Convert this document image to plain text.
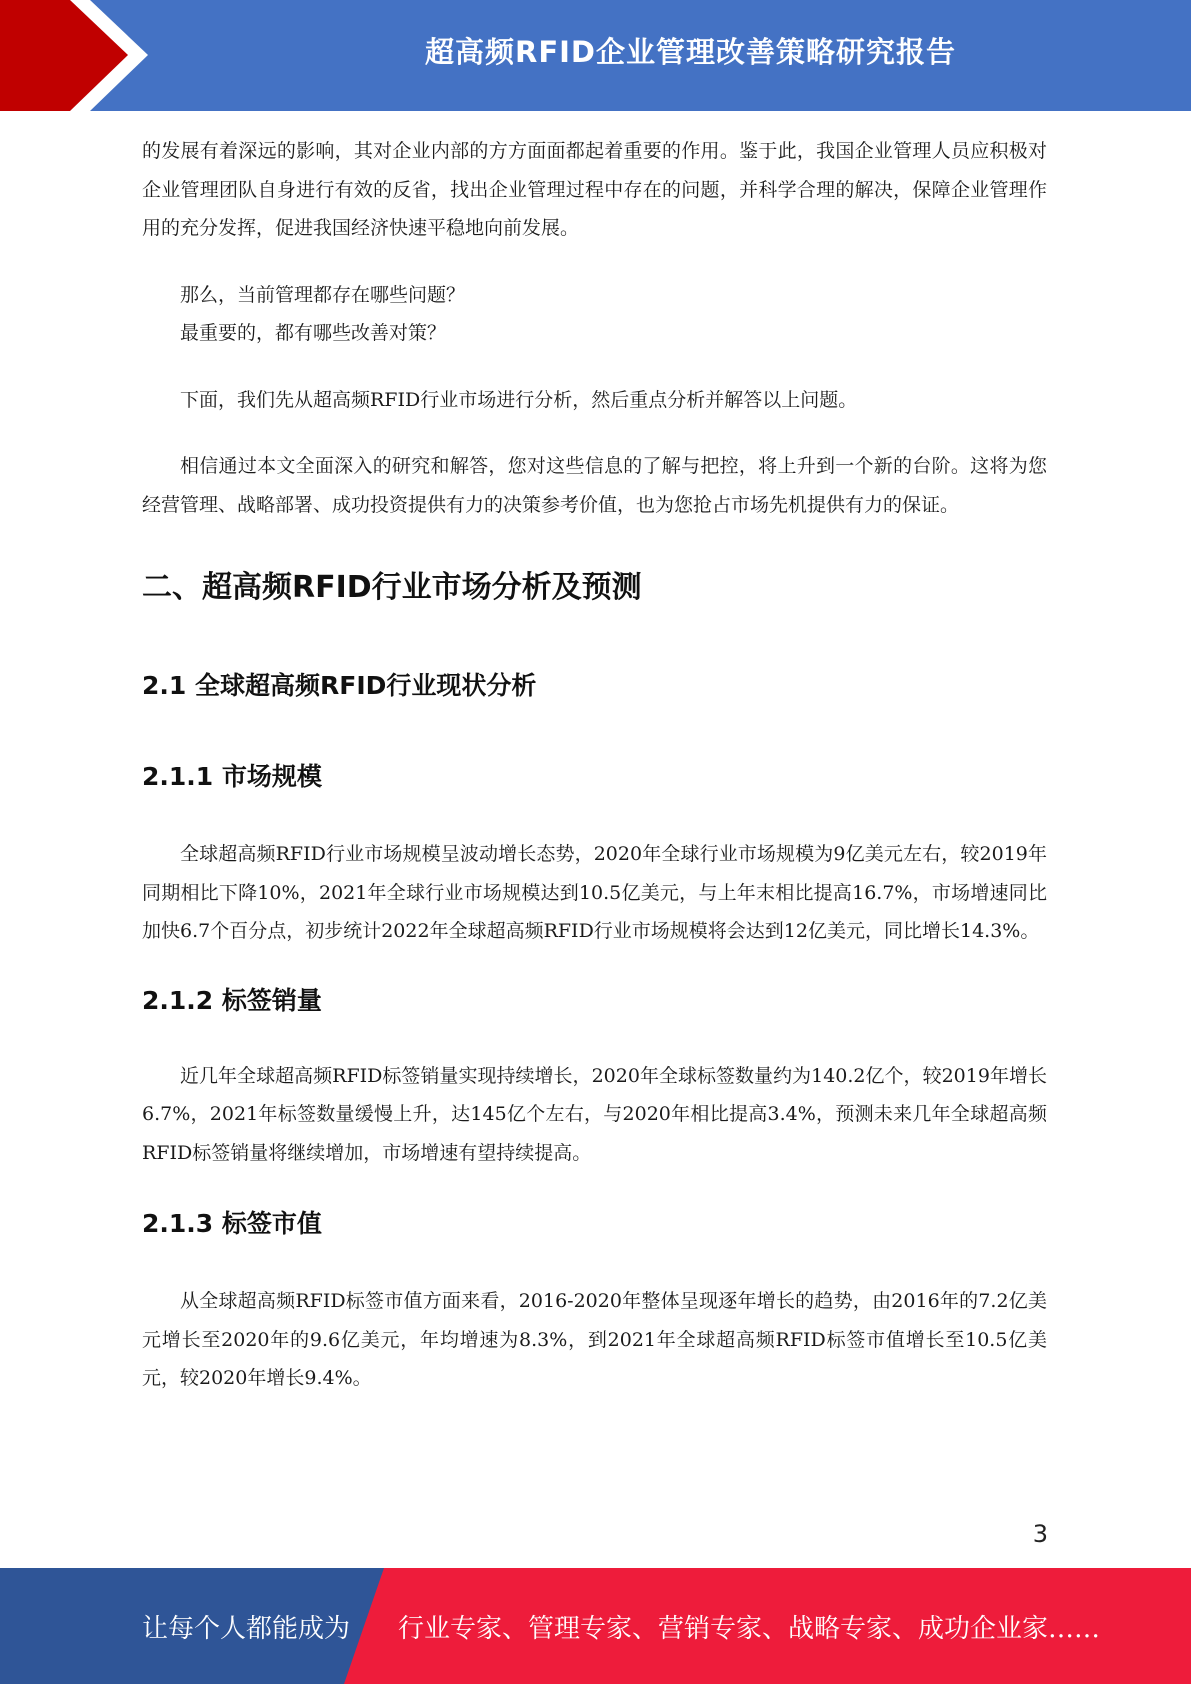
超高频RFID企业管理改善策略研究报告

的发展有着深远的影响，其对企业内部的方方面面都起着重要的作用。鉴于此，我国企业管理人员应积极对企业管理团队自身进行有效的反省，找出企业管理过程中存在的问题，并科学合理的解决，保障企业管理作用的充分发挥，促进我国经济快速平稳地向前发展。

那么，当前管理都存在哪些问题？

最重要的，都有哪些改善对策？

下面，我们先从超高频RFID行业市场进行分析，然后重点分析并解答以上问题。

相信通过本文全面深入的研究和解答，您对这些信息的了解与把控，将上升到一个新的台阶。这将为您经营管理、战略部署、成功投资提供有力的决策参考价值，也为您抢占市场先机提供有力的保证。

二、超高频RFID行业市场分析及预测
2.1 全球超高频RFID行业现状分析
2.1.1 市场规模

全球超高频RFID行业市场规模呈波动增长态势，2020年全球行业市场规模为9亿美元左右，较2019年同期相比下降10%，2021年全球行业市场规模达到10.5亿美元，与上年末相比提高16.7%，市场增速同比加快6.7个百分点，初步统计2022年全球超高频RFID行业市场规模将会达到12亿美元，同比增长14.3%。

2.1.2 标签销量

近几年全球超高频RFID标签销量实现持续增长，2020年全球标签数量约为140.2亿个，较2019年增长6.7%，2021年标签数量缓慢上升，达145亿个左右，与2020年相比提高3.4%，预测未来几年全球超高频RFID标签销量将继续增加，市场增速有望持续提高。

2.1.3 标签市值

从全球超高频RFID标签市值方面来看，2016-2020年整体呈现逐年增长的趋势，由2016年的7.2亿美元增长至2020年的9.6亿美元，年均增速为8.3%，到2021年全球超高频RFID标签市值增长至10.5亿美元，较2020年增长9.4%。

3
让每个人都能成为 行业专家、管理专家、营销专家、战略专家、成功企业家……
